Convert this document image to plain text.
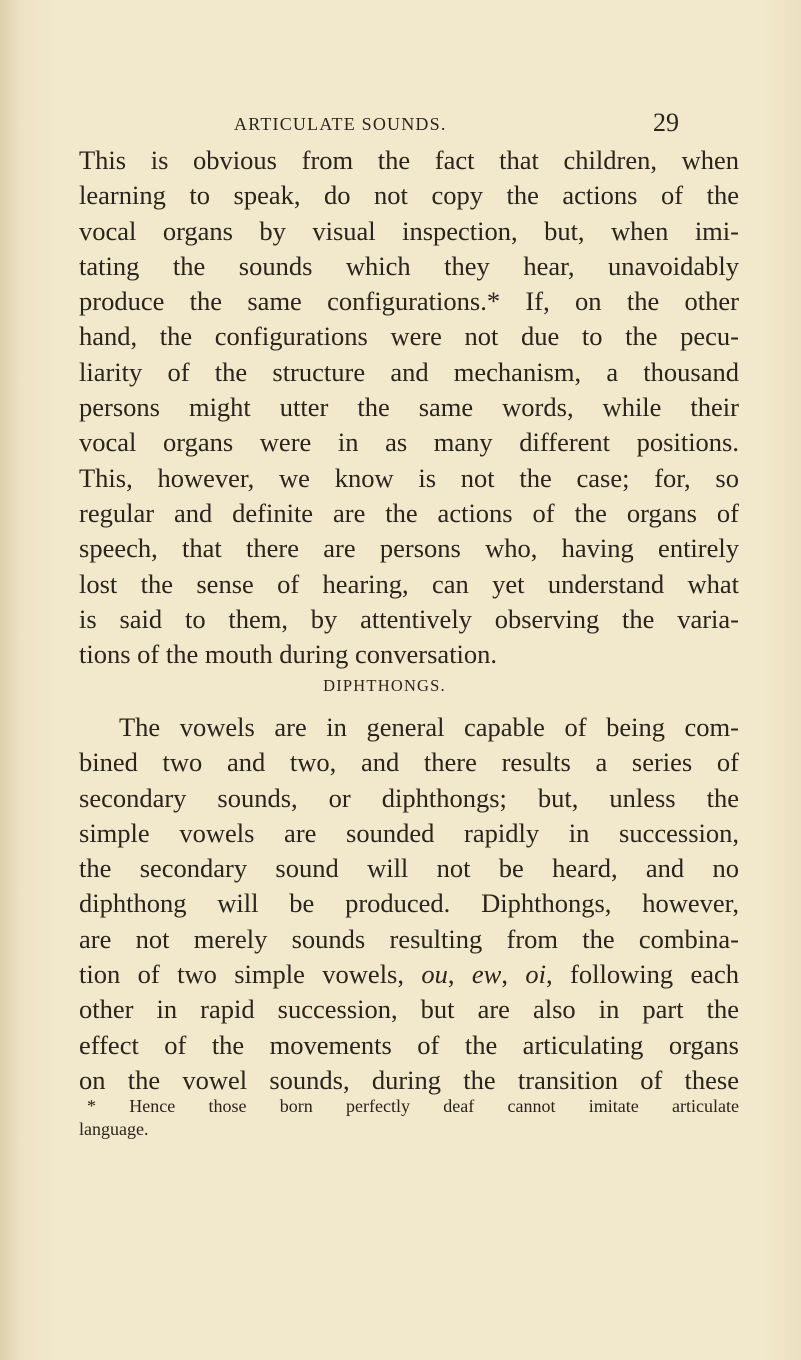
ARTICULATE SOUNDS.	29
This is obvious from the fact that children, when
learning to speak, do not copy the actions of the
vocal organs by visual inspection, but, when imi-
tating the sounds which they hear, unavoidably
produce the same configurations.* If, on the other
hand, the configurations were not due to the pecu-
liarity of the structure and mechanism, a thousand
persons might utter the same words, while their
vocal organs were in as many different positions.
This, however, we know is not the case; for, so
regular and definite are the actions of the organs of
speech, that there are persons who, having entirely
lost the sense of hearing, can yet understand what
is said to them, by attentively observing the varia-
tions of the mouth during conversation.
DIPHTHONGS.
The vowels are in general capable of being com-
bined two and two, and there results a series of
secondary sounds, or diphthongs; but, unless the
simple vowels are sounded rapidly in succession,
the secondary sound will not be heard, and no
diphthong will be produced. Diphthongs, however,
are not merely sounds resulting from the combina-
tion of two simple vowels, ou, ew, oi, following each
other in rapid succession, but are also in part the
effect of the movements of the articulating organs
on the vowel sounds, during the transition of these
* Hence those born perfectly deaf cannot imitate articulate
language.
